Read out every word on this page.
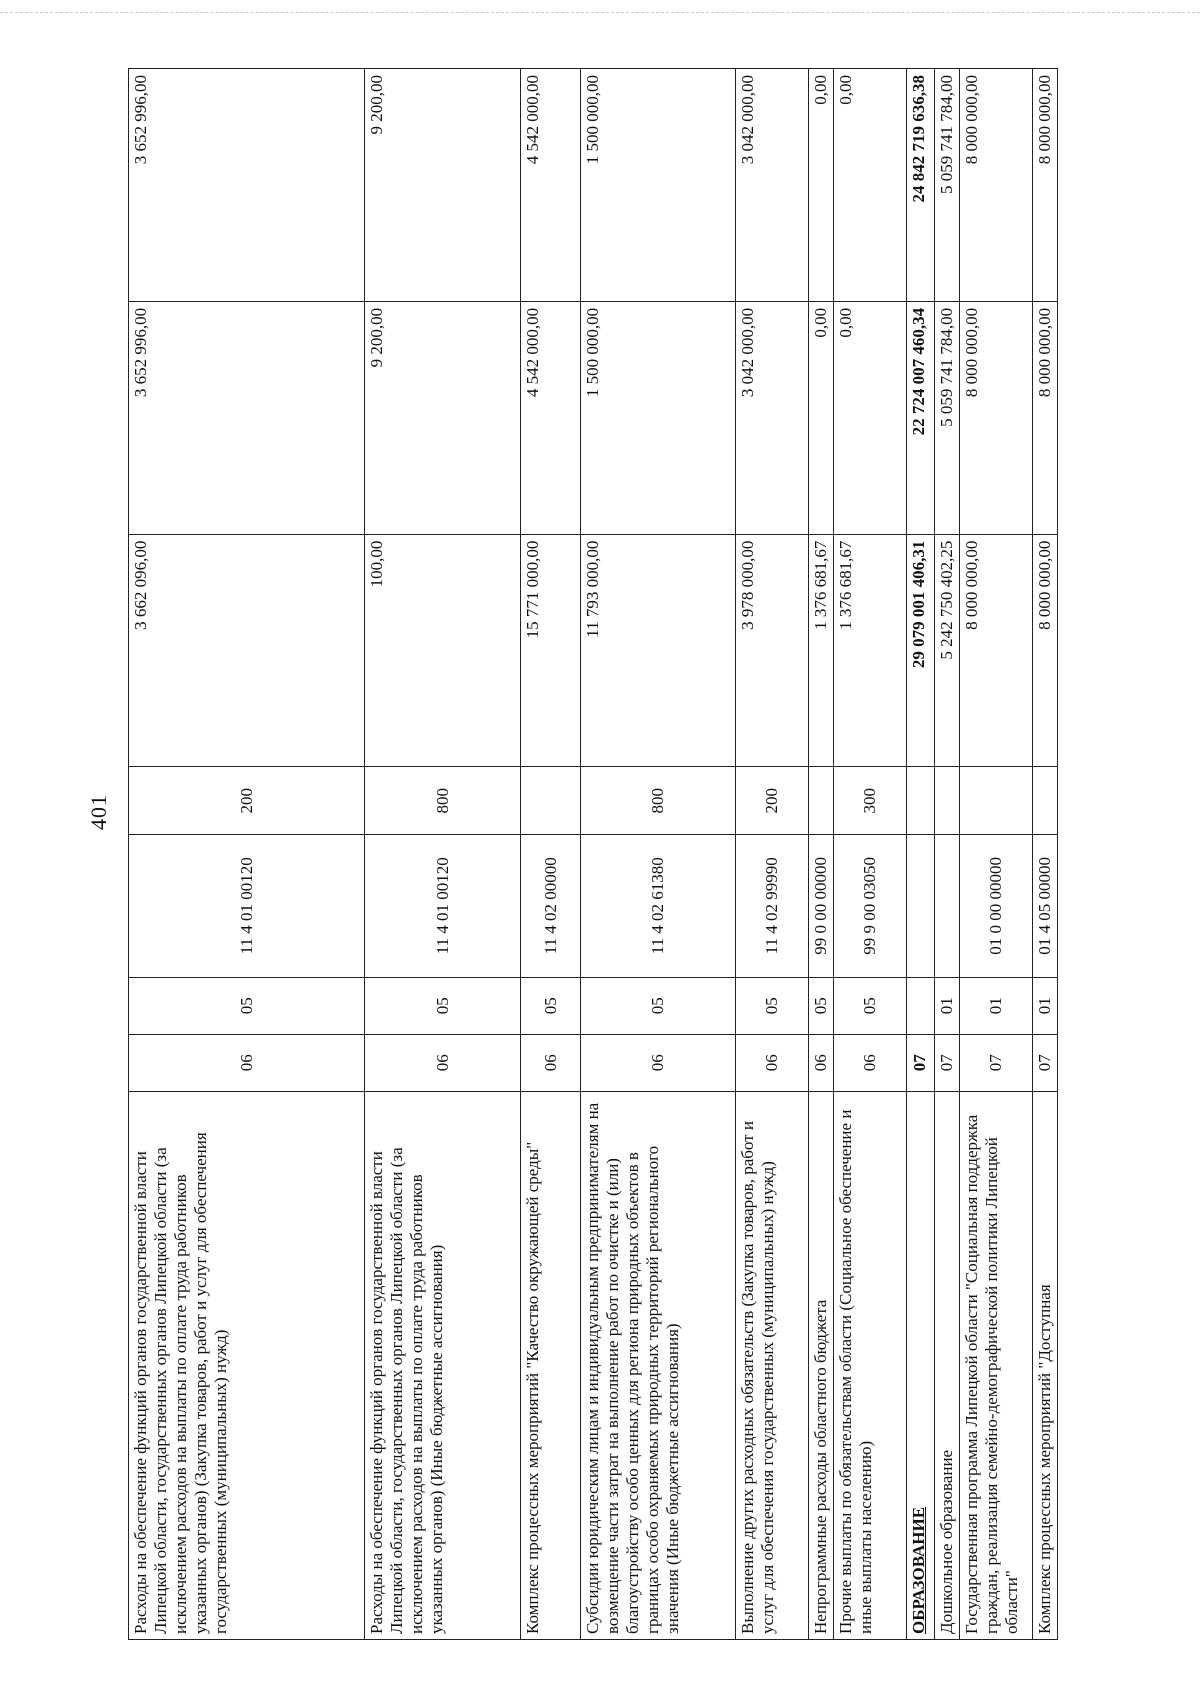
401
Расходы на обеспечение функций органов государственной власти Липецкой области, государственных органов Липецкой области (за исключением расходов на выплаты по оплате труда работников указанных органов) (Закупка товаров, работ и услуг для обеспечения государственных (муниципальных) нужд)	06	05	11 4 01 00120	200	3 662 096,00	3 652 996,00	3 652 996,00
Расходы на обеспечение функций органов государственной власти Липецкой области, государственных органов Липецкой области (за исключением расходов на выплаты по оплате труда работников указанных органов) (Иные бюджетные ассигнования)	06	05	11 4 01 00120	800	100,00	9 200,00	9 200,00
Комплекс процессных мероприятий "Качество окружающей среды"	06	05	11 4 02 00000		15 771 000,00	4 542 000,00	4 542 000,00
Субсидии юридическим лицам и индивидуальным предпринимателям на возмещение части затрат на выполнение работ по очистке и (или) благоустройству особо ценных для региона природных объектов в границах особо охраняемых природных территорий регионального значения (Иные бюджетные ассигнования)	06	05	11 4 02 61380	800	11 793 000,00	1 500 000,00	1 500 000,00
Выполнение других расходных обязательств (Закупка товаров, работ и услуг для обеспечения государственных (муниципальных) нужд)	06	05	11 4 02 99990	200	3 978 000,00	3 042 000,00	3 042 000,00
Непрограммные расходы областного бюджета	06	05	99 0 00 00000		1 376 681,67	0,00	0,00
Прочие выплаты по обязательствам области (Социальное обеспечение и иные выплаты населению)	06	05	99 9 00 03050	300	1 376 681,67	0,00	0,00
ОБРАЗОВАНИЕ	07				29 079 001 406,31	22 724 007 460,34	24 842 719 636,38
Дошкольное образование	07	01			5 242 750 402,25	5 059 741 784,00	5 059 741 784,00
Государственная программа Липецкой области "Социальная поддержка граждан, реализация семейно-демографической политики Липецкой области"	07	01	01 0 00 00000		8 000 000,00	8 000 000,00	8 000 000,00
Комплекс процессных мероприятий "Доступная	07	01	01 4 05 00000		8 000 000,00	8 000 000,00	8 000 000,00
